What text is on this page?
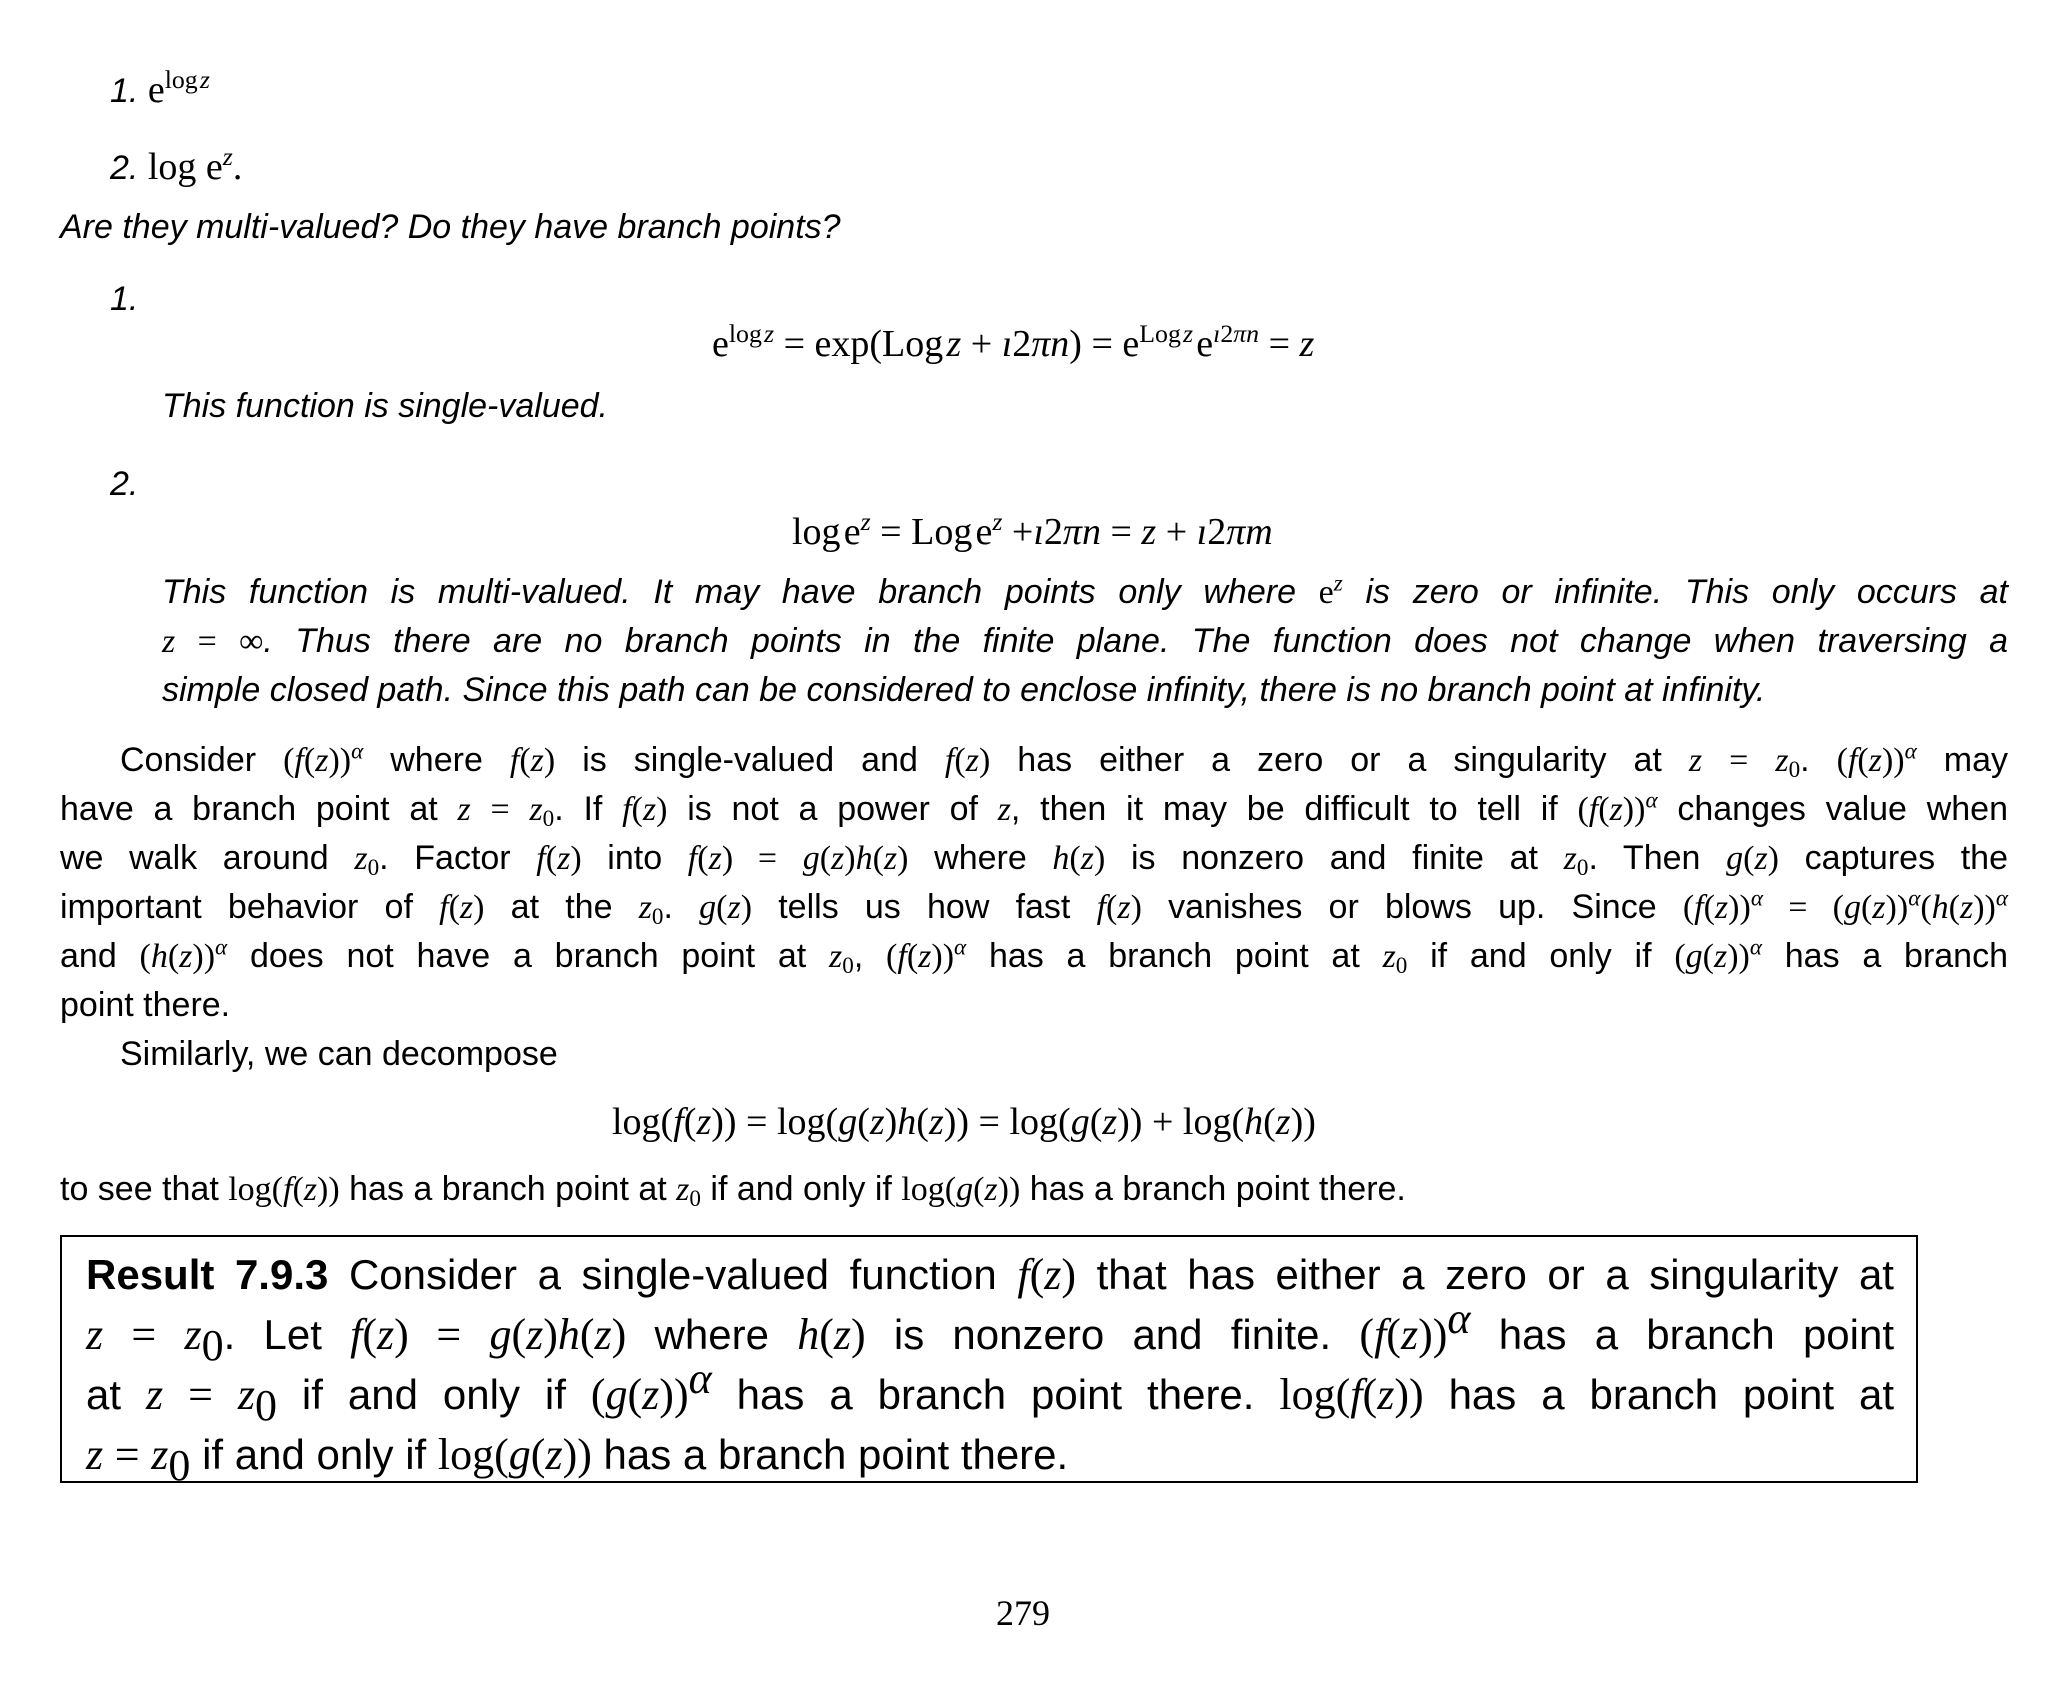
1. $e^{log z}$
2. $\log e^z$.
Are they multi-valued? Do they have branch points?
1.
$e^{log z} = \exp(Log$ z + ı2πn) = $e^{Log z}$ $e^{ı2\pi n} = z$
This function is single-valued.
2.
log $e^z$ = Log $e^z$ +ı2πn = z + ı2πm
This function is multi-valued. It may have branch points only where $e^z$ is zero or infinite. This only occurs at
z = ∞. Thus there are no branch points in the finite plane. The function does not change when traversing a
simple closed path. Since this path can be considered to enclose infinity, there is no branch point at infinity.
Consider $(f(z))^\alpha$ where f(z) is single-valued and f(z) has either a zero or a singularity at $z = z_0$. $(f(z))^\alpha$ may
have a branch point at $z = z_0$. If f(z) is not a power of z, then it may be difficult to tell if $(f(z))^\alpha$ changes value when
we walk around $z_0$. Factor f(z) into f(z) = g(z)h(z) where h(z) is nonzero and finite at $z_0$. Then g(z) captures the
important behavior of f(z) at the $z_0$. g(z) tells us how fast f(z) vanishes or blows up. Since $(f(z))^\alpha = (g(z))^\alpha(h(z))^\alpha$
and $(h(z))^\alpha$ does not have a branch point at $z_0$, $(f(z))^\alpha$ has a branch point at $z_0$ if and only if $(g(z))^\alpha$ has a branch
point there.
Similarly, we can decompose
log(f(z)) = log(g(z)h(z)) = log(g(z)) + log(h(z))
to see that log(f(z)) has a branch point at $z_0$ if and only if log(g(z)) has a branch point there.
Result 7.9.3 Consider a single-valued function f(z) that has either a zero or a singularity at
$z = z_0$. Let f(z) = g(z)h(z) where h(z) is nonzero and finite. $(f(z))^\alpha$ has a branch point
at $z = z_0$ if and only if $(g(z))^\alpha$ has a branch point there. log(f(z)) has a branch point at
$z = z_0$ if and only if log(g(z)) has a branch point there.
279
